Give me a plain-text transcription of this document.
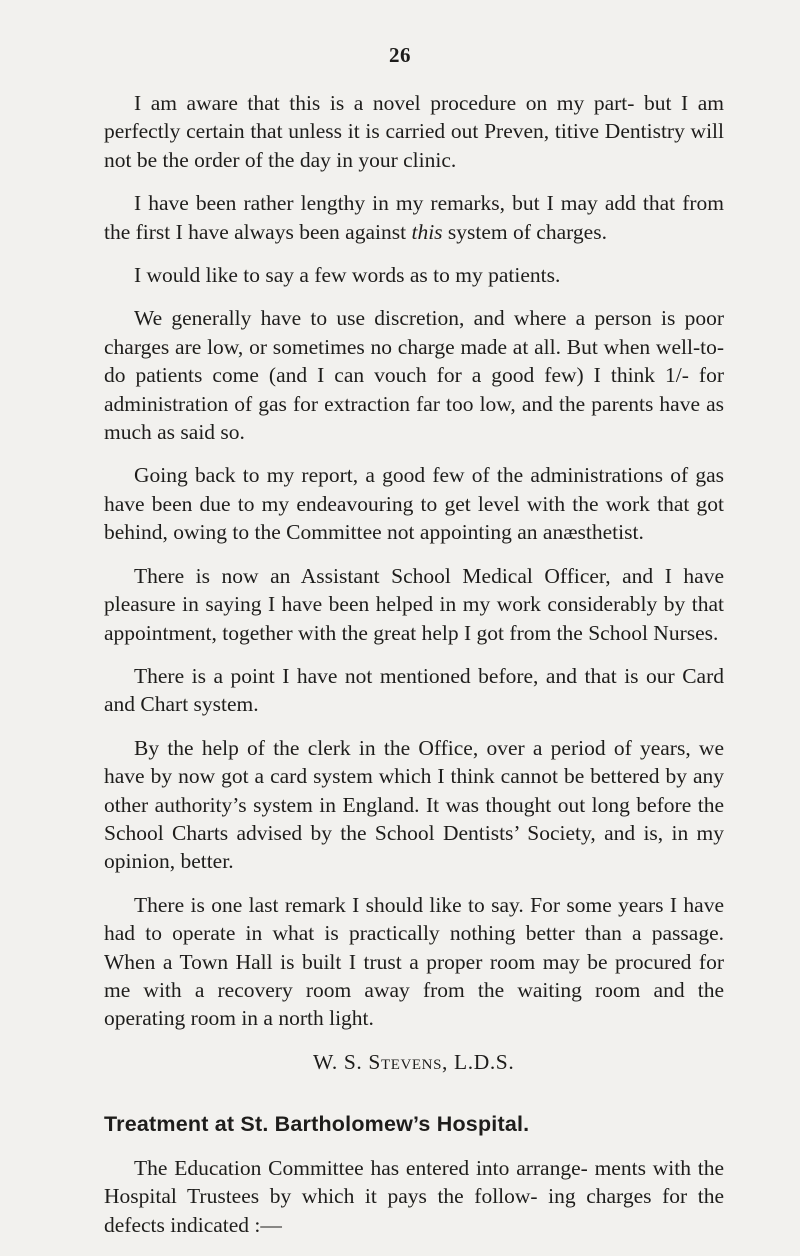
26

I am aware that this is a novel procedure on my part- but I am perfectly certain that unless it is carried out Preven, titive Dentistry will not be the order of the day in your clinic.

I have been rather lengthy in my remarks, but I may add that from the first I have always been against this system of charges.

I would like to say a few words as to my patients.

We generally have to use discretion, and where a person is poor charges are low, or sometimes no charge made at all. But when well-to-do patients come (and I can vouch for a good few) I think 1/- for administration of gas for extraction far too low, and the parents have as much as said so.

Going back to my report, a good few of the administrations of gas have been due to my endeavouring to get level with the work that got behind, owing to the Committee not appointing an anæsthetist.

There is now an Assistant School Medical Officer, and I have pleasure in saying I have been helped in my work considerably by that appointment, together with the great help I got from the School Nurses.

There is a point I have not mentioned before, and that is our Card and Chart system.

By the help of the clerk in the Office, over a period of years, we have by now got a card system which I think cannot be bettered by any other authority’s system in England. It was thought out long before the School Charts advised by the School Dentists’ Society, and is, in my opinion, better.

There is one last remark I should like to say. For some years I have had to operate in what is practically nothing better than a passage. When a Town Hall is built I trust a proper room may be procured for me with a recovery room away from the waiting room and the operating room in a north light.

W. S. Stevens, L.D.S.
Treatment at St. Bartholomew’s Hospital.

The Education Committee has entered into arrange- ments with the Hospital Trustees by which it pays the follow- ing charges for the defects indicated :—
